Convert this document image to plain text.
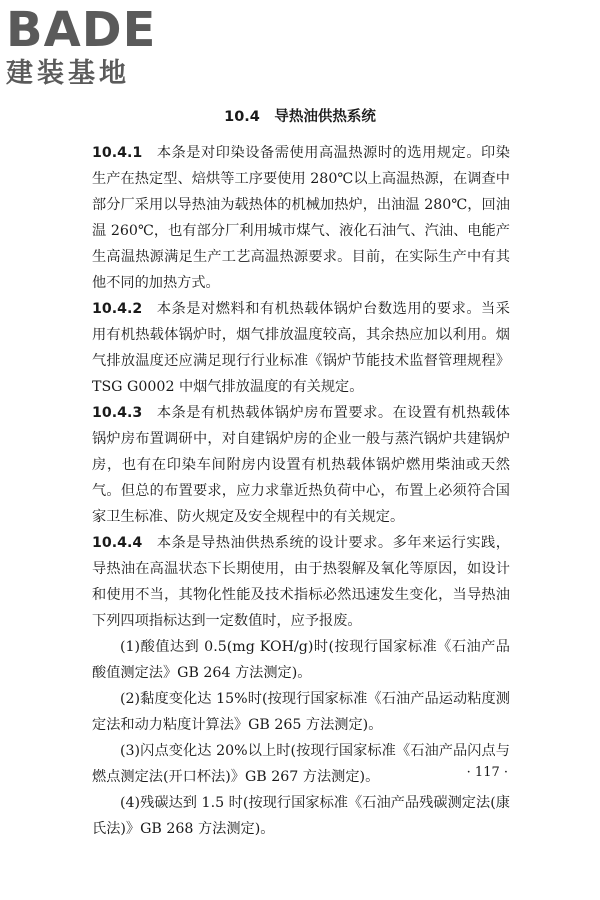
BADE
建装基地
10.4　导热油供热系统

10.4.1 本条是对印染设备需使用高温热源时的选用规定。印染生产在热定型、焙烘等工序要使用 280℃以上高温热源，在调查中部分厂采用以导热油为载热体的机械加热炉，出油温 280℃，回油温 260℃，也有部分厂利用城市煤气、液化石油气、汽油、电能产生高温热源满足生产工艺高温热源要求。目前，在实际生产中有其他不同的加热方式。

10.4.2 本条是对燃料和有机热载体锅炉台数选用的要求。当采用有机热载体锅炉时，烟气排放温度较高，其余热应加以利用。烟气排放温度还应满足现行行业标准《锅炉节能技术监督管理规程》TSG G0002 中烟气排放温度的有关规定。

10.4.3 本条是有机热载体锅炉房布置要求。在设置有机热载体锅炉房布置调研中，对自建锅炉房的企业一般与蒸汽锅炉共建锅炉房，也有在印染车间附房内设置有机热载体锅炉燃用柴油或天然气。但总的布置要求，应力求靠近热负荷中心，布置上必须符合国家卫生标准、防火规定及安全规程中的有关规定。

10.4.4 本条是导热油供热系统的设计要求。多年来运行实践，导热油在高温状态下长期使用，由于热裂解及氧化等原因，如设计和使用不当，其物化性能及技术指标必然迅速发生变化，当导热油下列四项指标达到一定数值时，应予报废。

(1)酸值达到 0.5(mg KOH/g)时(按现行国家标准《石油产品酸值测定法》GB 264 方法测定)。

(2)黏度变化达 15%时(按现行国家标准《石油产品运动粘度测定法和动力粘度计算法》GB 265 方法测定)。

(3)闪点变化达 20%以上时(按现行国家标准《石油产品闪点与燃点测定法(开口杯法)》GB 267 方法测定)。

(4)残碳达到 1.5 时(按现行国家标准《石油产品残碳测定法(康氏法)》GB 268 方法测定)。

· 117 ·
